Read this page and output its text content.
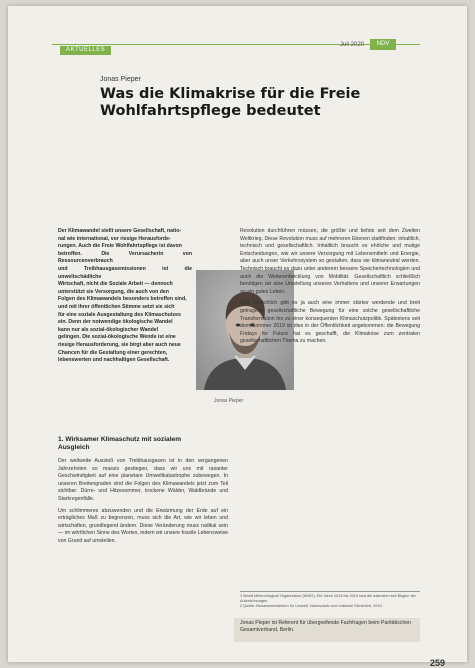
AKTUELLES
Juli 2020	NDV
Jonas Pieper
Was die Klimakrise für die Freie Wohlfahrtspflege bedeutet
Der Klimawandel stellt unsere Gesellschaft, natio-
nal wie international, vor riesige Herausforde-
rungen. Auch die Freie Wohlfahrtspflege ist davon
betroffen. Die Verursacherin von Ressourcenverbrauch
und Treibhausgasemissionen ist die unweltschädliche
Wirtschaft, nicht die Soziale Arbeit — dennoch
unterstützt sie Versorgung, die auch von den
Folgen des Klimawandels besonders betroffen sind,
und mit ihrer öffentlichen Stimme setzt sie sich
für eine soziale Ausgestaltung des Klimaschutzes
ein. Denn der notwendige ökologische Wandel
kann nur als sozial-ökologischer Wandel
gelingen. Die sozial-ökologische Wende ist eine
riesige Herausforderung, sie birgt aber auch neue
Chancen für die Gestaltung einer gerechten,
lebenswerten und nachhaltigen Gesellschaft.
Jonas Pieper
1. Wirksamer Klimaschutz mit sozialem Ausgleich

Der weltweite Ausstoß von Treibhausgasen ist in den vergangenen Jahrzehnten so massiv gestiegen, dass wir uns mit rasanter Geschwindigkeit auf eine planetare Umweltkatastrophe zubewegen. In unseren Breitengraden sind die Folgen des Klimawandels jetzt zum Teil sichtbar: Dürre- und Hitzesommer, trockene Wälder, Waldbrände und Starkregenfälle.

Um schlimmeres abzuwenden und die Erwärmung der Erde auf ein erträgliches Maß zu begrenzen, muss sich die Art, wie wir leben und wirtschaften, grundlegend ändern. Diese Veränderung muss radikal sein — im wörtlichen Sinne des Wortes, indem wir unsere fossile Lebensweise von Grund auf umstellen.

Revolution durchführen müssen, die größte und tiefste seit dem Zweiten Weltkrieg. Diese Revolution muss auf mehreren Ebenen stattfinden: inhaltlich, technisch und gesellschaftlich. Inhaltlich braucht es ehrliche und mutige Entscheidungen, wie wir unsere Versorgung mit Lebensmitteln und Energie, aber auch unser Verkehrssystem so gestalten, dass sie klimaneutral werden. Technisch braucht es dazu unter anderem bessere Speichertechnologien und auch die Weiterentwicklung von Mobilität. Gesellschaftlich schließlich benötigen wir eine Umstellung unseres Verhaltens und unserer Erwartungen an ein gutes Leben.

Und tatsächlich gibt es ja auch eine immer stärker werdende und breit getragene gesellschaftliche Bewegung für eine solche gesellschaftliche Transformation hin zu einer konsequenten Klimaschutzpolitik. Spätestens seit dem Sommer 2019 ist dies in der Öffentlichkeit angekommen: die Bewegung Fridays for Future hat es geschafft, die Klimakrise zum zentralen gesellschaftlichen Thema zu machen.

1 World Meteorological Organization (WMO): Die Jahre 2015 bis 2019 sind die wärmsten seit Beginn der Aufzeichnungen.
2 Quelle: Bundesministerium für Umwelt, Naturschutz und nukleare Sicherheit, 2019.
Jonas Pieper ist Referent für übergreifende Fachfragen beim Paritätischen Gesamtverband, Berlin.
259
